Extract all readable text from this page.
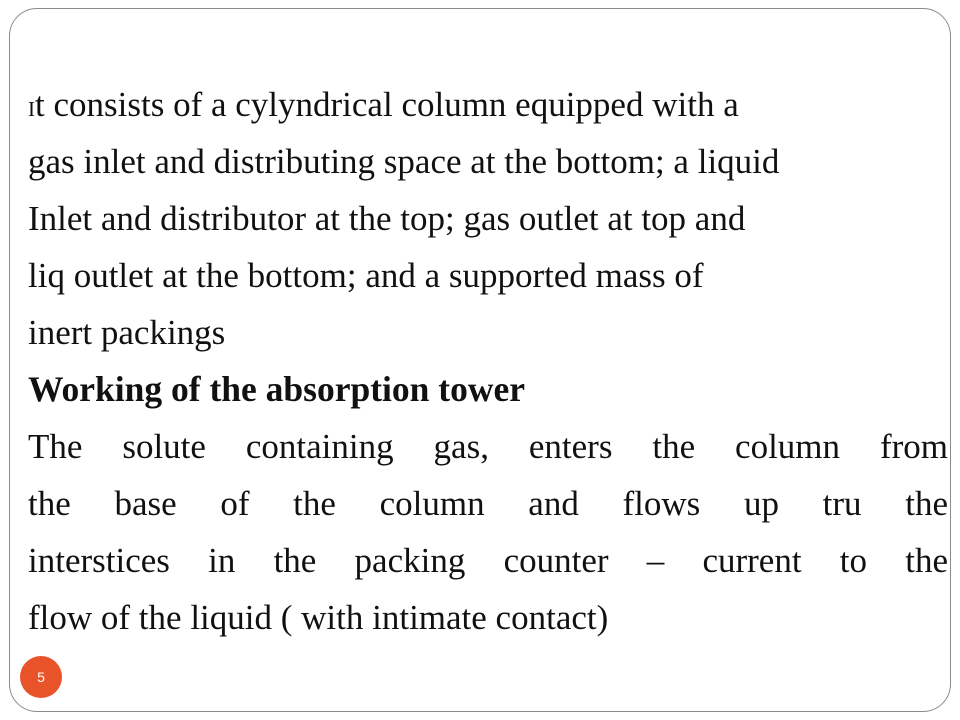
It consists of a cylyndrical column equipped with a
gas inlet and distributing space at the bottom; a liquid
Inlet and distributor at the top; gas outlet at top and
liq outlet at the bottom; and a supported mass of
inert packings
Working of the absorption tower
The solute containing gas, enters the column from
the base of the column and flows up tru the
interstices in the packing counter – current to the
flow of the liquid ( with intimate contact)
5
